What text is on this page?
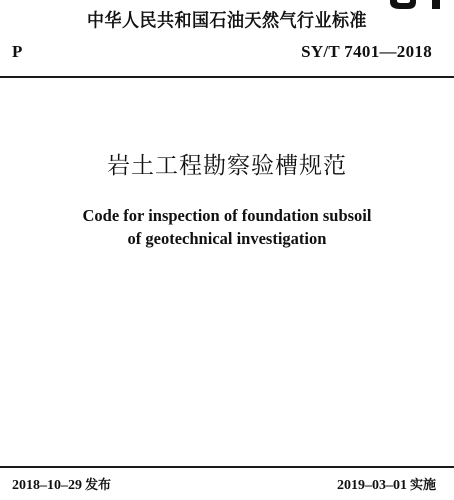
中华人民共和国石油天然气行业标准
P	SY/T 7401—2018
岩土工程勘察验槽规范
Code for inspection of foundation subsoil
of geotechnical investigation
2018–10–29 发布	2019–03–01 实施
